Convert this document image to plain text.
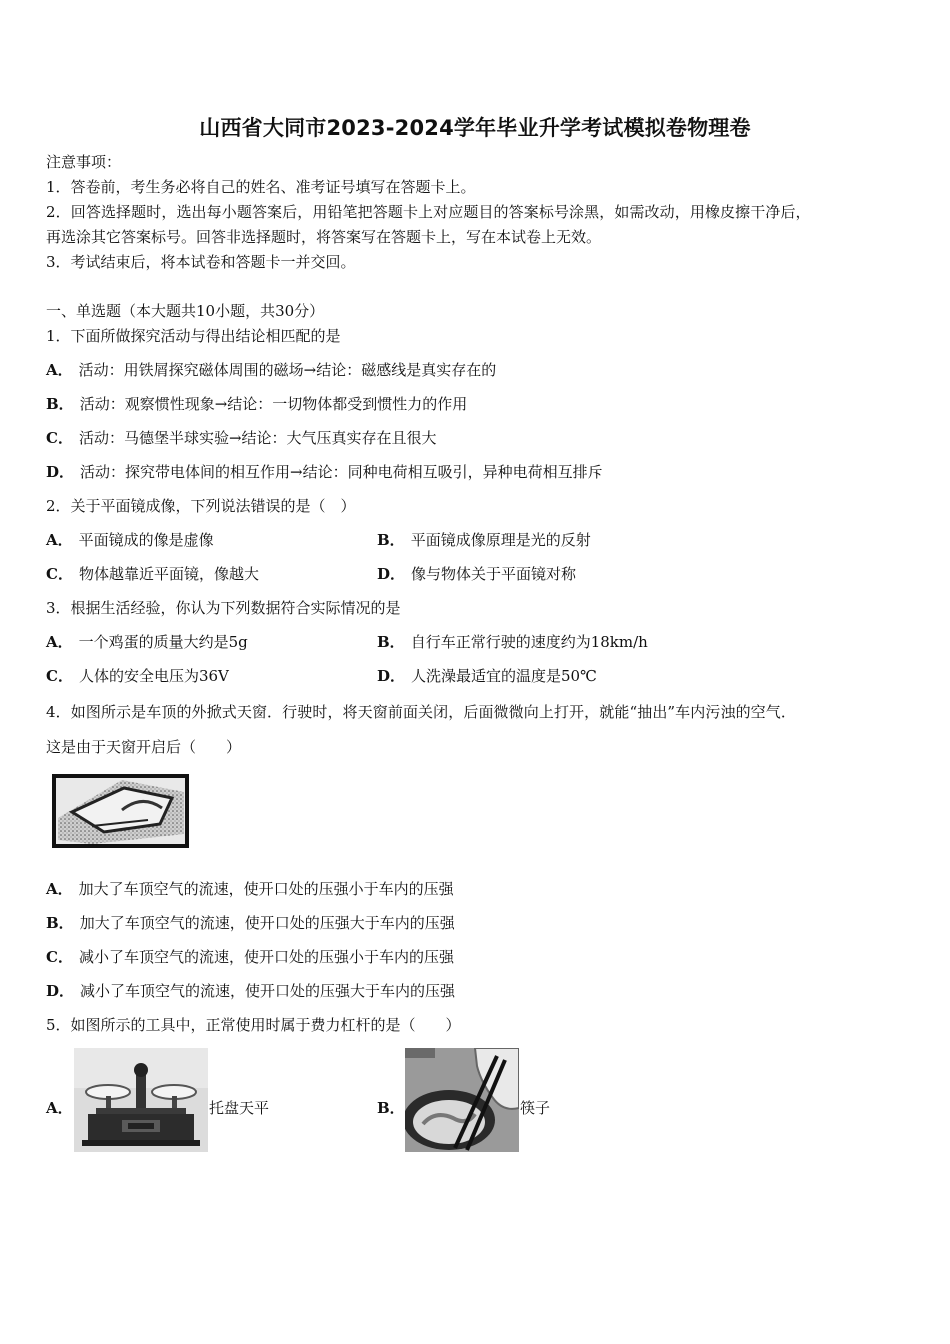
山西省大同市2023-2024学年毕业升学考试模拟卷物理卷
注意事项：
1．答卷前，考生务必将自己的姓名、准考证号填写在答题卡上。
2．回答选择题时，选出每小题答案后，用铅笔把答题卡上对应题目的答案标号涂黑，如需改动，用橡皮擦干净后，
再选涂其它答案标号。回答非选择题时，将答案写在答题卡上，写在本试卷上无效。
3．考试结束后，将本试卷和答题卡一并交回。
一、单选题（本大题共10小题，共30分）
1．下面所做探究活动与得出结论相匹配的是
A． 活动：用铁屑探究磁体周围的磁场→结论：磁感线是真实存在的
B． 活动：观察惯性现象→结论：一切物体都受到惯性力的作用
C． 活动：马德堡半球实验→结论：大气压真实存在且很大
D． 活动：探究带电体间的相互作用→结论：同种电荷相互吸引，异种电荷相互排斥
2．关于平面镜成像，下列说法错误的是（　）
A． 平面镜成的像是虚像	B． 平面镜成像原理是光的反射
C． 物体越靠近平面镜，像越大	D． 像与物体关于平面镜对称
3．根据生活经验，你认为下列数据符合实际情况的是
A． 一个鸡蛋的质量大约是5g	B． 自行车正常行驶的速度约为18km/h
C． 人体的安全电压为36V	D． 人洗澡最适宜的温度是50℃
4．如图所示是车顶的外掀式天窗．行驶时，将天窗前面关闭，后面微微向上打开，就能“抽出”车内污浊的空气．
这是由于天窗开启后（　　）
A． 加大了车顶空气的流速，使开口处的压强小于车内的压强
B． 加大了车顶空气的流速，使开口处的压强大于车内的压强
C． 减小了车顶空气的流速，使开口处的压强小于车内的压强
D． 减小了车顶空气的流速，使开口处的压强大于车内的压强
5．如图所示的工具中，正常使用时属于费力杠杆的是（　　）
A．	托盘天平	B．	筷子
